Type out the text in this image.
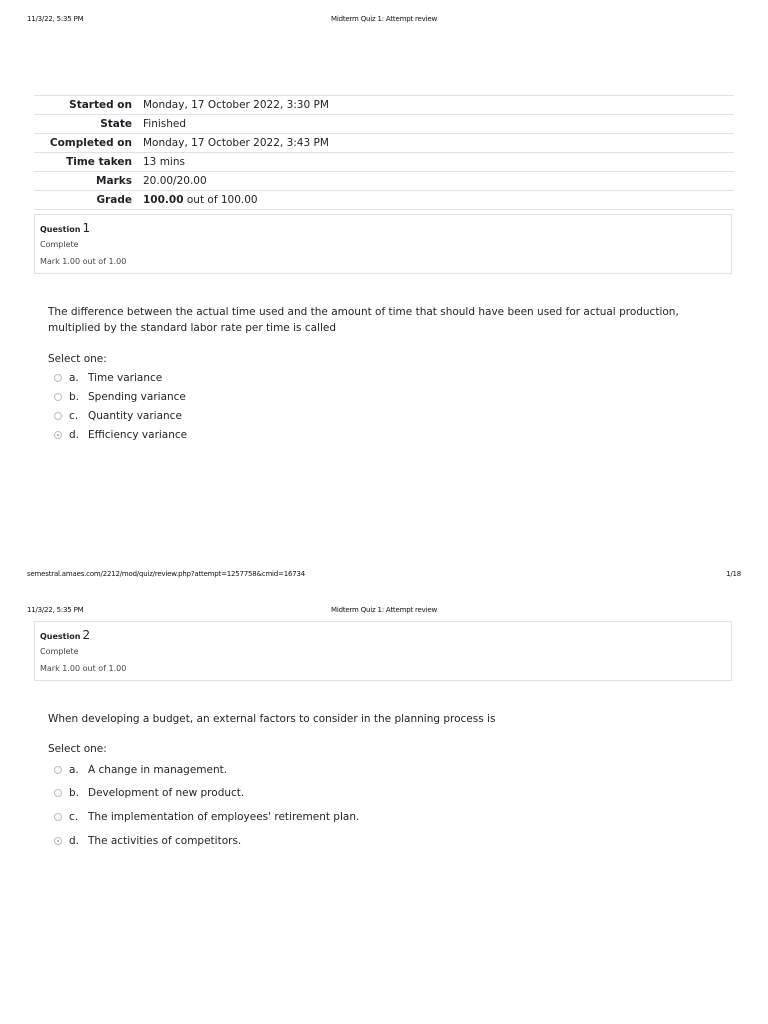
11/3/22, 5:35 PM	Midterm Quiz 1: Attempt review
Started on	Monday, 17 October 2022, 3:30 PM
State	Finished
Completed on	Monday, 17 October 2022, 3:43 PM
Time taken	13 mins
Marks	20.00/20.00
Grade	100.00 out of 100.00
Question 1
Complete
Mark 1.00 out of 1.00
The difference between the actual time used and the amount of time that should have been used for actual production, multiplied by the standard labor rate per time is called
Select one:
a. Time variance
b. Spending variance
c. Quantity variance
d. Efficiency variance
semestral.amaes.com/2212/mod/quiz/review.php?attempt=1257758&cmid=16734	1/18
11/3/22, 5:35 PM	Midterm Quiz 1: Attempt review
Question 2
Complete
Mark 1.00 out of 1.00
When developing a budget, an external factors to consider in the planning process is
Select one:
a. A change in management.
b. Development of new product.
c. The implementation of employees' retirement plan.
d. The activities of competitors.
